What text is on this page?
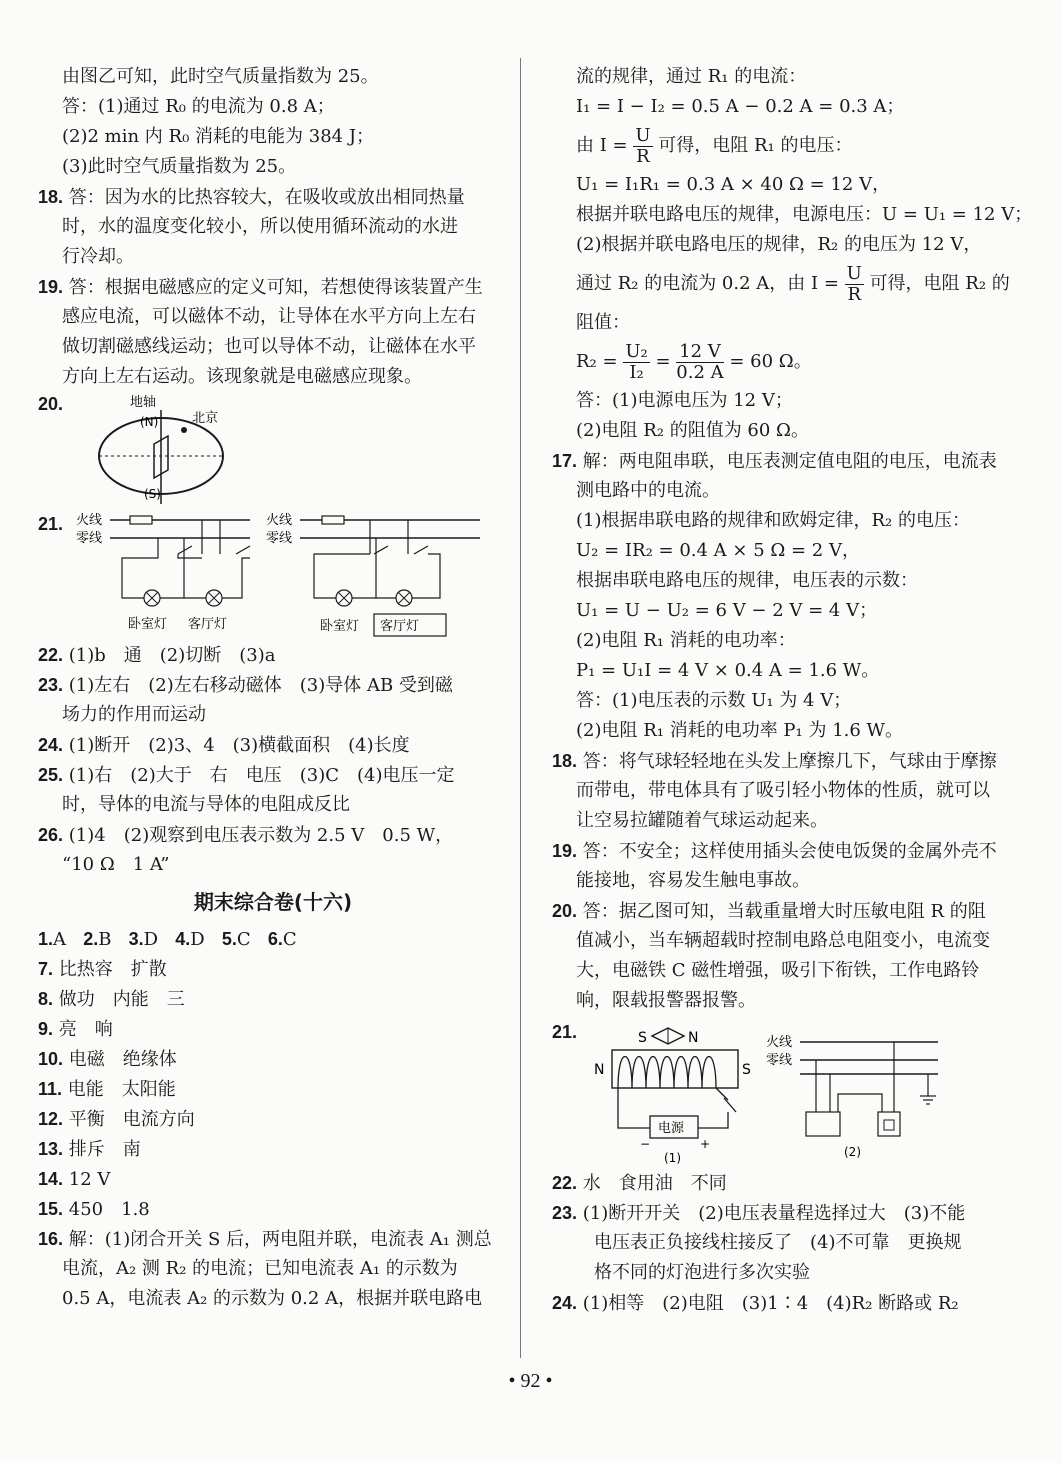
由图乙可知，此时空气质量指数为 25。
答：(1)通过 R₀ 的电流为 0.8 A；
(2)2 min 内 R₀ 消耗的电能为 384 J；
(3)此时空气质量指数为 25。
18. 答：因为水的比热容较大，在吸收或放出相同热量
时，水的温度变化较小，所以使用循环流动的水进
行冷却。
19. 答：根据电磁感应的定义可知，若想使得该装置产生
感应电流，可以磁体不动，让导体在水平方向上左右
做切割磁感线运动；也可以导体不动，让磁体在水平
方向上左右运动。该现象就是电磁感应现象。
20.	地轴
(N)	北京
(S)
21. 火线
零线
卧室灯 客厅灯
火线
零线
卧室灯 客厅灯
22. (1)b　通　(2)切断　(3)a
23. (1)左右　(2)左右移动磁体　(3)导体 AB 受到磁
场力的作用而运动
24. (1)断开　(2)3、4　(3)横截面积　(4)长度
25. (1)右　(2)大于　右　电压　(3)C　(4)电压一定
时，导体的电流与导体的电阻成反比
26. (1)4　(2)观察到电压表示数为 2.5 V　0.5 W，
“10 Ω　1 A”
期末综合卷(十六)
1.A 2.B 3.D 4.D 5.C 6.C
7. 比热容　扩散
8. 做功　内能　三
9. 亮　响
10. 电磁　绝缘体
11. 电能　太阳能
12. 平衡　电流方向
13. 排斥　南
14. 12 V
15. 450　1.8
16. 解：(1)闭合开关 S 后，两电阻并联，电流表 A₁ 测总
电流，A₂ 测 R₂ 的电流；已知电流表 A₁ 的示数为
0.5 A，电流表 A₂ 的示数为 0.2 A，根据并联电路电
流的规律，通过 R₁ 的电流：
I₁ = I − I₂ = 0.5 A − 0.2 A = 0.3 A；
由 $I = \frac{U}{R}$ 可得，电阻 R₁ 的电压：
U₁ = I₁R₁ = 0.3 A × 40 Ω = 12 V，
根据并联电路电压的规律，电源电压：U = U₁ = 12 V；
(2)根据并联电路电压的规律，R₂ 的电压为 12 V，
通过 R₂ 的电流为 0.2 A，由 $I = \frac{U}{R}$ 可得，电阻 R₂ 的
阻值：
$R_2 = \frac{\text{U₂}}{\text{I₂}} = \frac{12 V}{0.2 A} = 60$ Ω。
答：(1)电源电压为 12 V；
(2)电阻 R₂ 的阻值为 60 Ω。
17. 解：两电阻串联，电压表测定值电阻的电压，电流表
测电路中的电流。
(1)根据串联电路的规律和欧姆定律，R₂ 的电压：
U₂ = IR₂ = 0.4 A × 5 Ω = 2 V，
根据串联电路电压的规律，电压表的示数：
U₁ = U − U₂ = 6 V − 2 V = 4 V；
(2)电阻 R₁ 消耗的电功率：
P₁ = U₁I = 4 V × 0.4 A = 1.6 W。
答：(1)电压表的示数 U₁ 为 4 V；
(2)电阻 R₁ 消耗的电功率 P₁ 为 1.6 W。
18. 答：将气球轻轻地在头发上摩擦几下，气球由于摩擦
而带电，带电体具有了吸引轻小物体的性质，就可以
让空易拉罐随着气球运动起来。
19. 答：不安全；这样使用插头会使电饭煲的金属外壳不
能接地，容易发生触电事故。
20. 答：据乙图可知，当载重量增大时压敏电阻 R 的阻
值减小，当车辆超载时控制电路总电阻变小，电流变
大，电磁铁 C 磁性增强，吸引下衔铁，工作电路铃
响，限载报警器报警。
21.	S	N
N	S
电源
−	+
(1)
火线
零线
(2)
22. 水　食用油　不同
23. (1)断开开关　(2)电压表量程选择过大　(3)不能
电压表正负接线柱接反了　(4)不可靠　更换规
格不同的灯泡进行多次实验
24. (1)相等　(2)电阻　(3)1∶4　(4)R₂ 断路或 R₂
• 92 •
